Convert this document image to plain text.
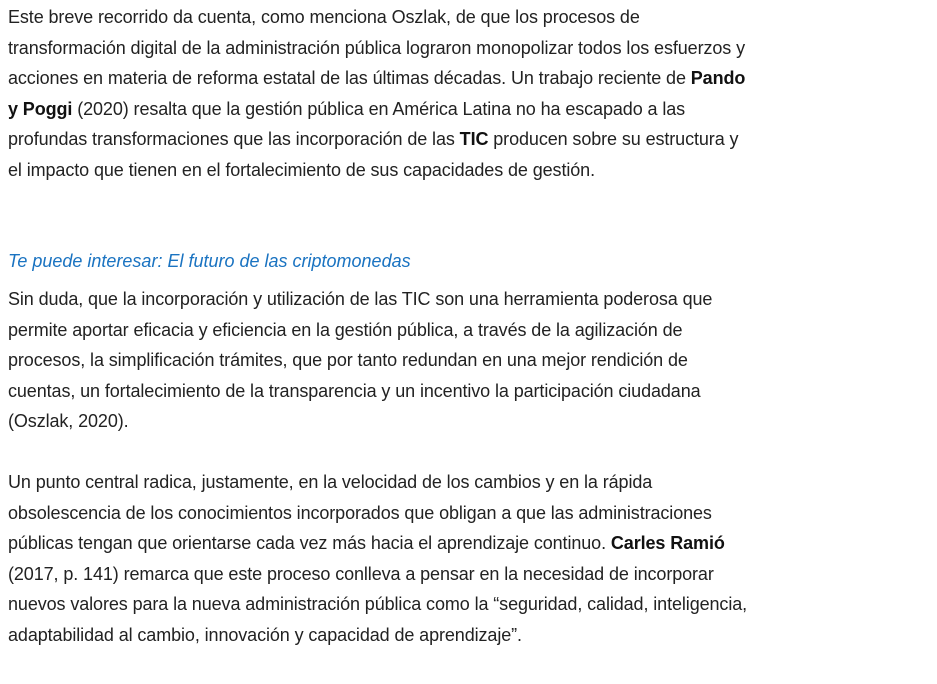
Este breve recorrido da cuenta, como menciona Oszlak, de que los procesos de transformación digital de la administración pública lograron monopolizar todos los esfuerzos y acciones en materia de reforma estatal de las últimas décadas. Un trabajo reciente de Pando y Poggi (2020) resalta que la gestión pública en América Latina no ha escapado a las profundas transformaciones que las incorporación de las TIC producen sobre su estructura y el impacto que tienen en el fortalecimiento de sus capacidades de gestión.

Te puede interesar: El futuro de las criptomonedas

Sin duda, que la incorporación y utilización de las TIC son una herramienta poderosa que permite aportar eficacia y eficiencia en la gestión pública, a través de la agilización de procesos, la simplificación trámites, que por tanto redundan en una mejor rendición de cuentas, un fortalecimiento de la transparencia y un incentivo la participación ciudadana (Oszlak, 2020).

Un punto central radica, justamente, en la velocidad de los cambios y en la rápida obsolescencia de los conocimientos incorporados que obligan a que las administraciones públicas tengan que orientarse cada vez más hacia el aprendizaje continuo. Carles Ramió (2017, p. 141) remarca que este proceso conlleva a pensar en la necesidad de incorporar nuevos valores para la nueva administración pública como la “seguridad, calidad, inteligencia, adaptabilidad al cambio, innovación y capacidad de aprendizaje”.
